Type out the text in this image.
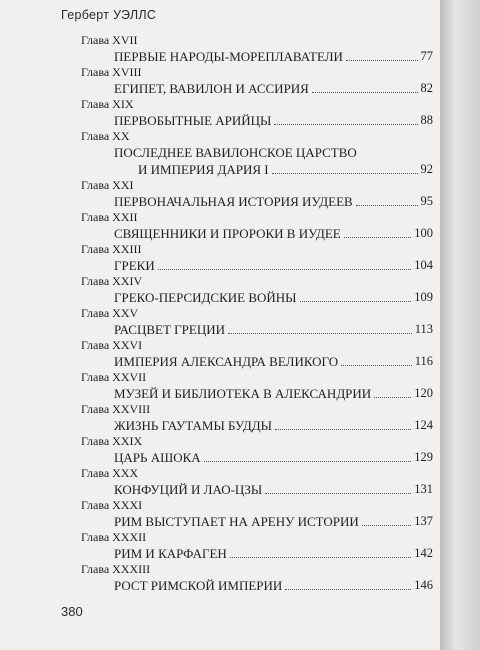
Герберт УЭЛЛС
Глава XVII
ПЕРВЫЕ НАРОДЫ-МОРЕПЛАВАТЕЛИ	77
Глава XVIII
ЕГИПЕТ, ВАВИЛОН И АССИРИЯ	82
Глава XIX
ПЕРВОБЫТНЫЕ АРИЙЦЫ	88
Глава XX
ПОСЛЕДНЕЕ ВАВИЛОНСКОЕ ЦАРСТВО
И ИМПЕРИЯ ДАРИЯ I	92
Глава XXI
ПЕРВОНАЧАЛЬНАЯ ИСТОРИЯ ИУДЕЕВ	95
Глава XXII
СВЯЩЕННИКИ И ПРОРОКИ В ИУДЕЕ	100
Глава XXIII
ГРЕКИ	104
Глава XXIV
ГРЕКО-ПЕРСИДСКИЕ ВОЙНЫ	109
Глава XXV
РАСЦВЕТ ГРЕЦИИ	113
Глава XXVI
ИМПЕРИЯ АЛЕКСАНДРА ВЕЛИКОГО	116
Глава XXVII
МУЗЕЙ И БИБЛИОТЕКА В АЛЕКСАНДРИИ	120
Глава XXVIII
ЖИЗНЬ ГАУТАМЫ БУДДЫ	124
Глава XXIX
ЦАРЬ АШОКА	129
Глава XXX
КОНФУЦИЙ И ЛАО-ЦЗЫ	131
Глава XXXI
РИМ ВЫСТУПАЕТ НА АРЕНУ ИСТОРИИ	137
Глава XXXII
РИМ И КАРФАГЕН	142
Глава XXXIII
РОСТ РИМСКОЙ ИМПЕРИИ	146
380
